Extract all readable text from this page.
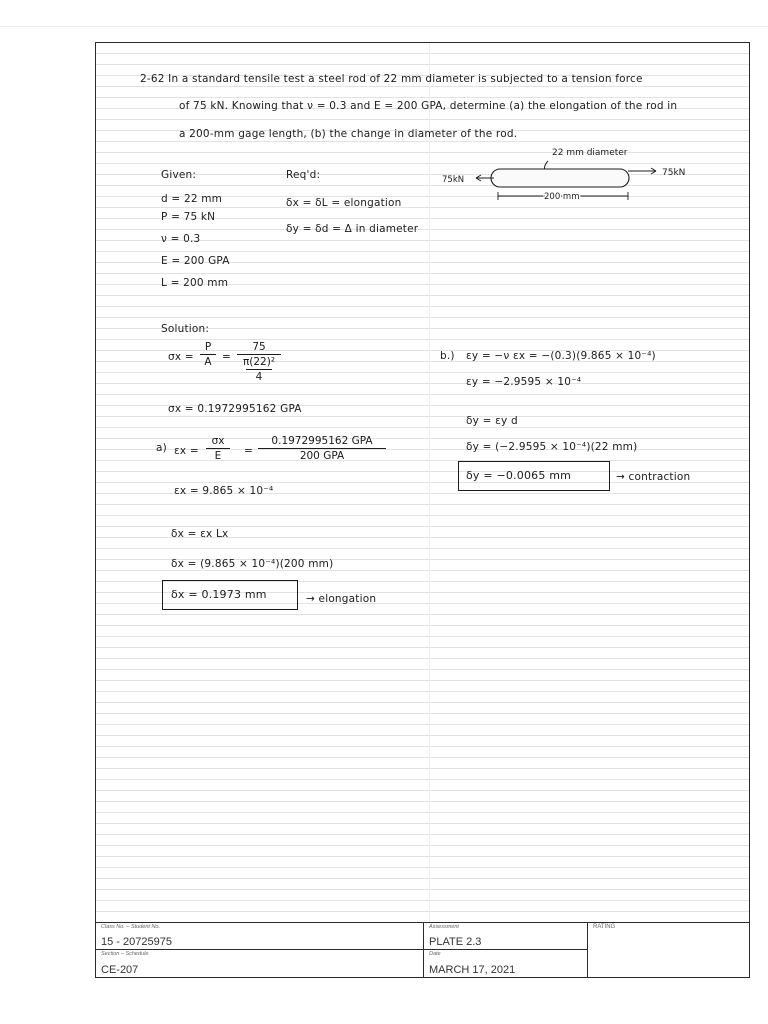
2-62 In a standard tensile test a steel rod of 22 mm diameter is subjected to a tension force
of 75 kN. Knowing that ν = 0.3 and E = 200 GPA, determine (a) the elongation of the rod in
a 200-mm gage length, (b) the change in diameter of the rod.
Given:
d = 22 mm
P = 75 kN
ν = 0.3
E = 200 GPA
L = 200 mm
Req'd:
δx = δL = elongation
δy = δd = Δ in diameter
22 mm diameter
75kN
75kN
200 mm
Solution:
σx =
P
A =
75
π(22)²
4
σx = 0.1972995162 GPA
a) εx =
σx
E	=
0.1972995162 GPA
200 GPA
εx = 9.865 × 10⁻⁴
δx = εx Lx
δx = (9.865 × 10⁻⁴)(200 mm)
δx = 0.1973 mm	→ elongation
b.) εy = −ν εx = −(0.3)(9.865 × 10⁻⁴)
εy = −2.9595 × 10⁻⁴
δy = εy d
δy = (−2.9595 × 10⁻⁴)(22 mm)
δy = −0.0065 mm	→ contraction
Class No. – Student No.
15 - 20725975
Section – Schedule
CE-207
Assessment
PLATE 2.3
Date
MARCH 17, 2021
RATING
